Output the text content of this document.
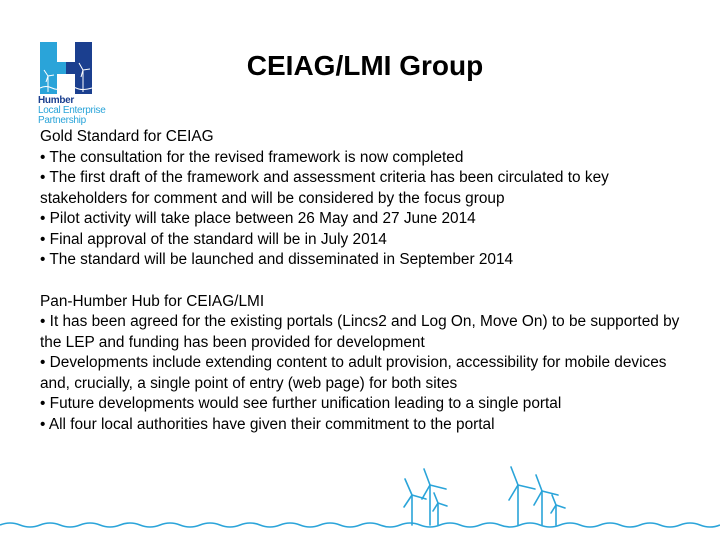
Humber
Local Enterprise
Partnership
CEIAG/LMI Group
Gold Standard for CEIAG
• The consultation for the revised framework is now completed
• The first draft of the framework and assessment criteria has been circulated to key stakeholders for comment and will be considered by the focus group
• Pilot activity will take place between 26 May and 27 June 2014
• Final approval of the standard will be in July 2014
• The standard will be launched and disseminated in September 2014
Pan-Humber Hub for CEIAG/LMI
• It has been agreed for the existing portals (Lincs2 and Log On, Move On) to be supported by the LEP and funding has been provided for development
• Developments include extending content to adult provision, accessibility for mobile devices and, crucially, a single point of entry (web page) for both sites
• Future developments would see further unification leading to a single portal
• All four local authorities have given their commitment to the portal
